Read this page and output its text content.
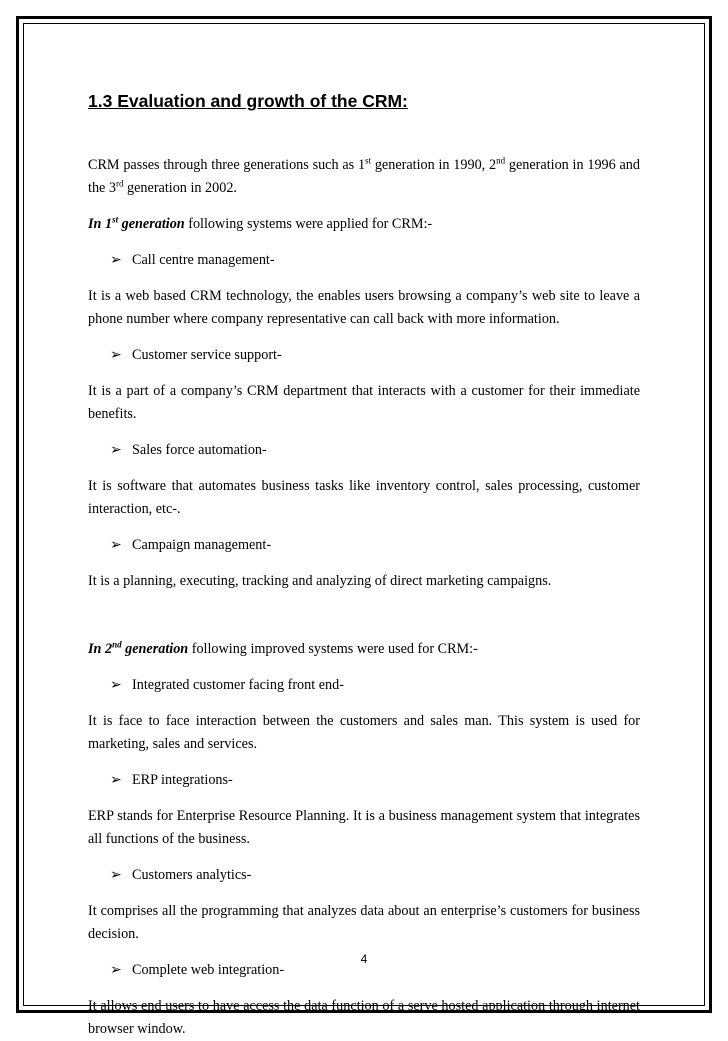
1.3 Evaluation and growth of the CRM:

CRM passes through three generations such as 1st generation in 1990, 2nd generation in 1996 and the 3rd generation in 2002.

In 1st generation following systems were applied for CRM:-

➢ Call centre management-

It is a web based CRM technology, the enables users browsing a company’s web site to leave a phone number where company representative can call back with more information.

➢ Customer service support-

It is a part of a company’s CRM department that interacts with a customer for their immediate benefits.

➢ Sales force automation-

It is software that automates business tasks like inventory control, sales processing, customer interaction, etc-.

➢ Campaign management-

It is a planning, executing, tracking and analyzing of direct marketing campaigns.

In 2nd generation following improved systems were used for CRM:-

➢ Integrated customer facing front end-

It is face to face interaction between the customers and sales man. This system is used for marketing, sales and services.

➢ ERP integrations-

ERP stands for Enterprise Resource Planning. It is a business management system that integrates all functions of the business.

➢ Customers analytics-

It comprises all the programming that analyzes data about an enterprise’s customers for business decision.

➢ Complete web integration-

It allows end users to have access the data function of a serve hosted application through internet browser window.

4
